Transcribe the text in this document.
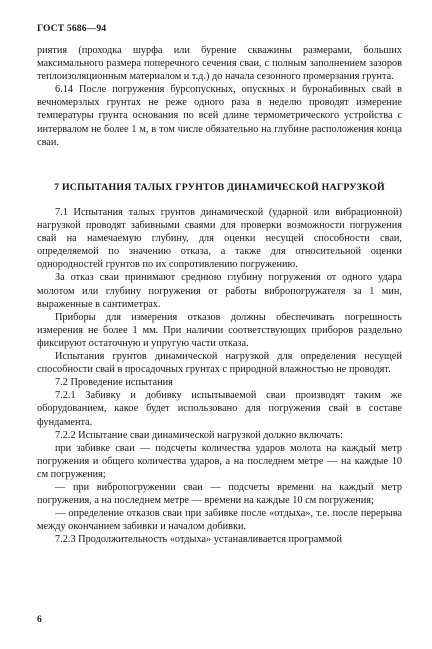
ГОСТ 5686—94

риятия (проходка шурфа или бурение скважины размерами, больших максимального размера поперечного сечения сваи, с полным заполнением зазоров теплоизоляционным материалом и т.д.) до начала сезонного промерзания грунта.

6.14 После погружения бурсопускных, опускных и буронабивных свай в вечномерзлых грунтах не реже одного раза в неделю проводят измерение температуры грунта основания по всей длине термометрического устройства с интервалом не более 1 м, в том числе обязательно на глубине расположения конца сваи.

7 ИСПЫТАНИЯ ТАЛЫХ ГРУНТОВ ДИНАМИЧЕСКОЙ НАГРУЗКОЙ

7.1 Испытания талых грунтов динамической (ударной или вибрационной) нагрузкой проводят забивными сваями для проверки возможности погружения свай на намечаемую глубину, для оценки несущей способности сваи, определяемой по значению отказа, а также для относительной оценки однородностей грунтов по их сопротивлению погружению.

За отказ сваи принимают среднюю глубину погружения от одного удара молотом или глубину погружения от работы вибропогружателя за 1 мин, выраженные в сантиметрах.

Приборы для измерения отказов должны обеспечивать погрешность измерения не более 1 мм. При наличии соответствующих приборов раздельно фиксируют остаточную и упругую части отказа.

Испытания грунтов динамической нагрузкой для определения несущей способности свай в просадочных грунтах с природной влажностью не проводят.

7.2 Проведение испытания

7.2.1 Забивку и добивку испытываемой сваи производят таким же оборудованием, какое будет использовано для погружения свай в составе фундамента.

7.2.2 Испытание сваи динамической нагрузкой должно включать:

при забивке сваи — подсчеты количества ударов молота на каждый метр погружения и общего количества ударов, а на последнем метре — на каждые 10 см погружения;

— при вибропогружении сваи — подсчеты времени на каждый метр погружения, а на последнем метре — времени на каждые 10 см погружения;

— определение отказов сваи при забивке после «отдыха», т.е. после перерыва между окончанием забивки и началом добивки.

7.2.3 Продолжительность «отдыха» устанавливается программой

6
